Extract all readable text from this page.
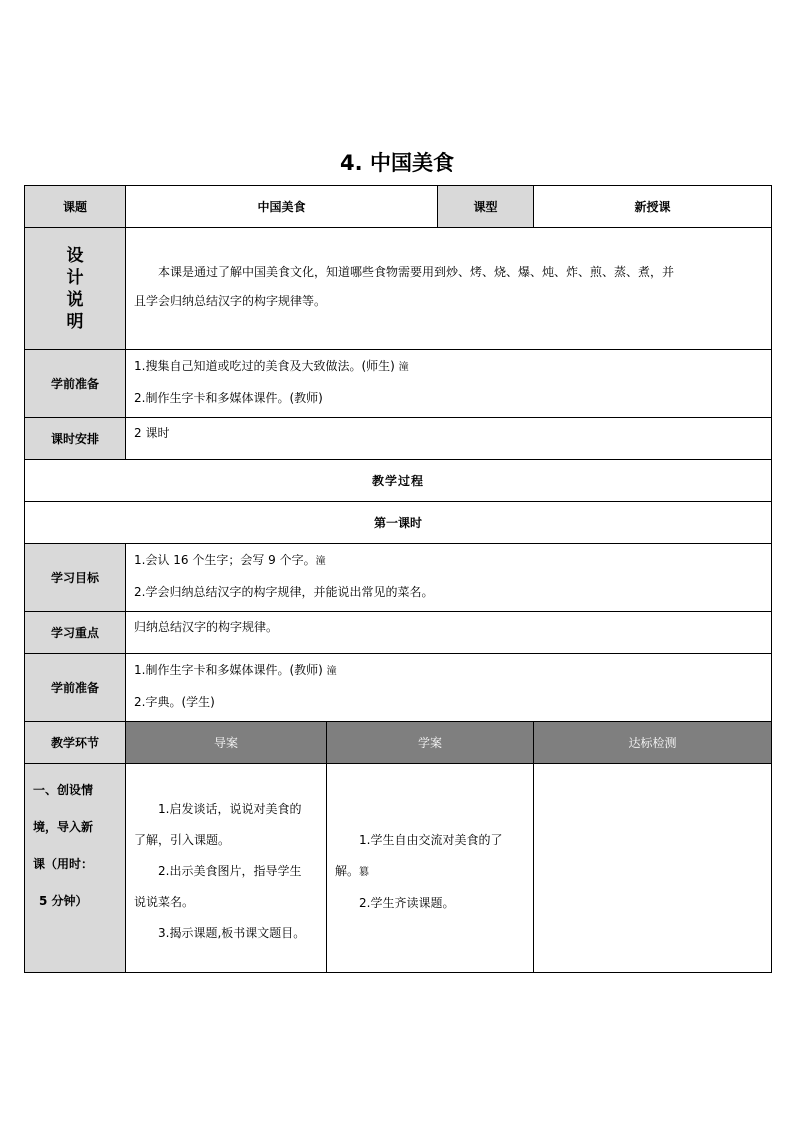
4. 中国美食
课题	中国美食		课型	新授课

设
计
说
明	本课是通过了解中国美食文化，知道哪些食物需要用到炒、烤、烧、爆、炖、炸、煎、蒸、煮，并
且学会归纳总结汉字的构字规律等。			

学前准备	1.搜集自己知道或吃过的美食及大致做法。(师生) 潼
2.制作生字卡和多媒体课件。(教师)			

课时安排	2 课时			
教学过程				
第一课时				
学习目标	1.会认 16 个生字；会写 9 个字。潼
2.学会归纳总结汉字的构字规律，并能说出常见的菜名。			

学习重点	归纳总结汉字的构字规律。			
学前准备	1.制作生字卡和多媒体课件。(教师) 潼
2.字典。(学生)			

教学环节	导案	学案		达标检测

一、创设情
境，导入新
课（用时：
5 分钟）	1.启发谈话，说说对美食的
了解，引入课题。
2.出示美食图片，指导学生
说说菜名。
3.揭示课题,板书课文题目。	1.学生自由交流对美食的了
解。篡
2.学生齐读课题。		
